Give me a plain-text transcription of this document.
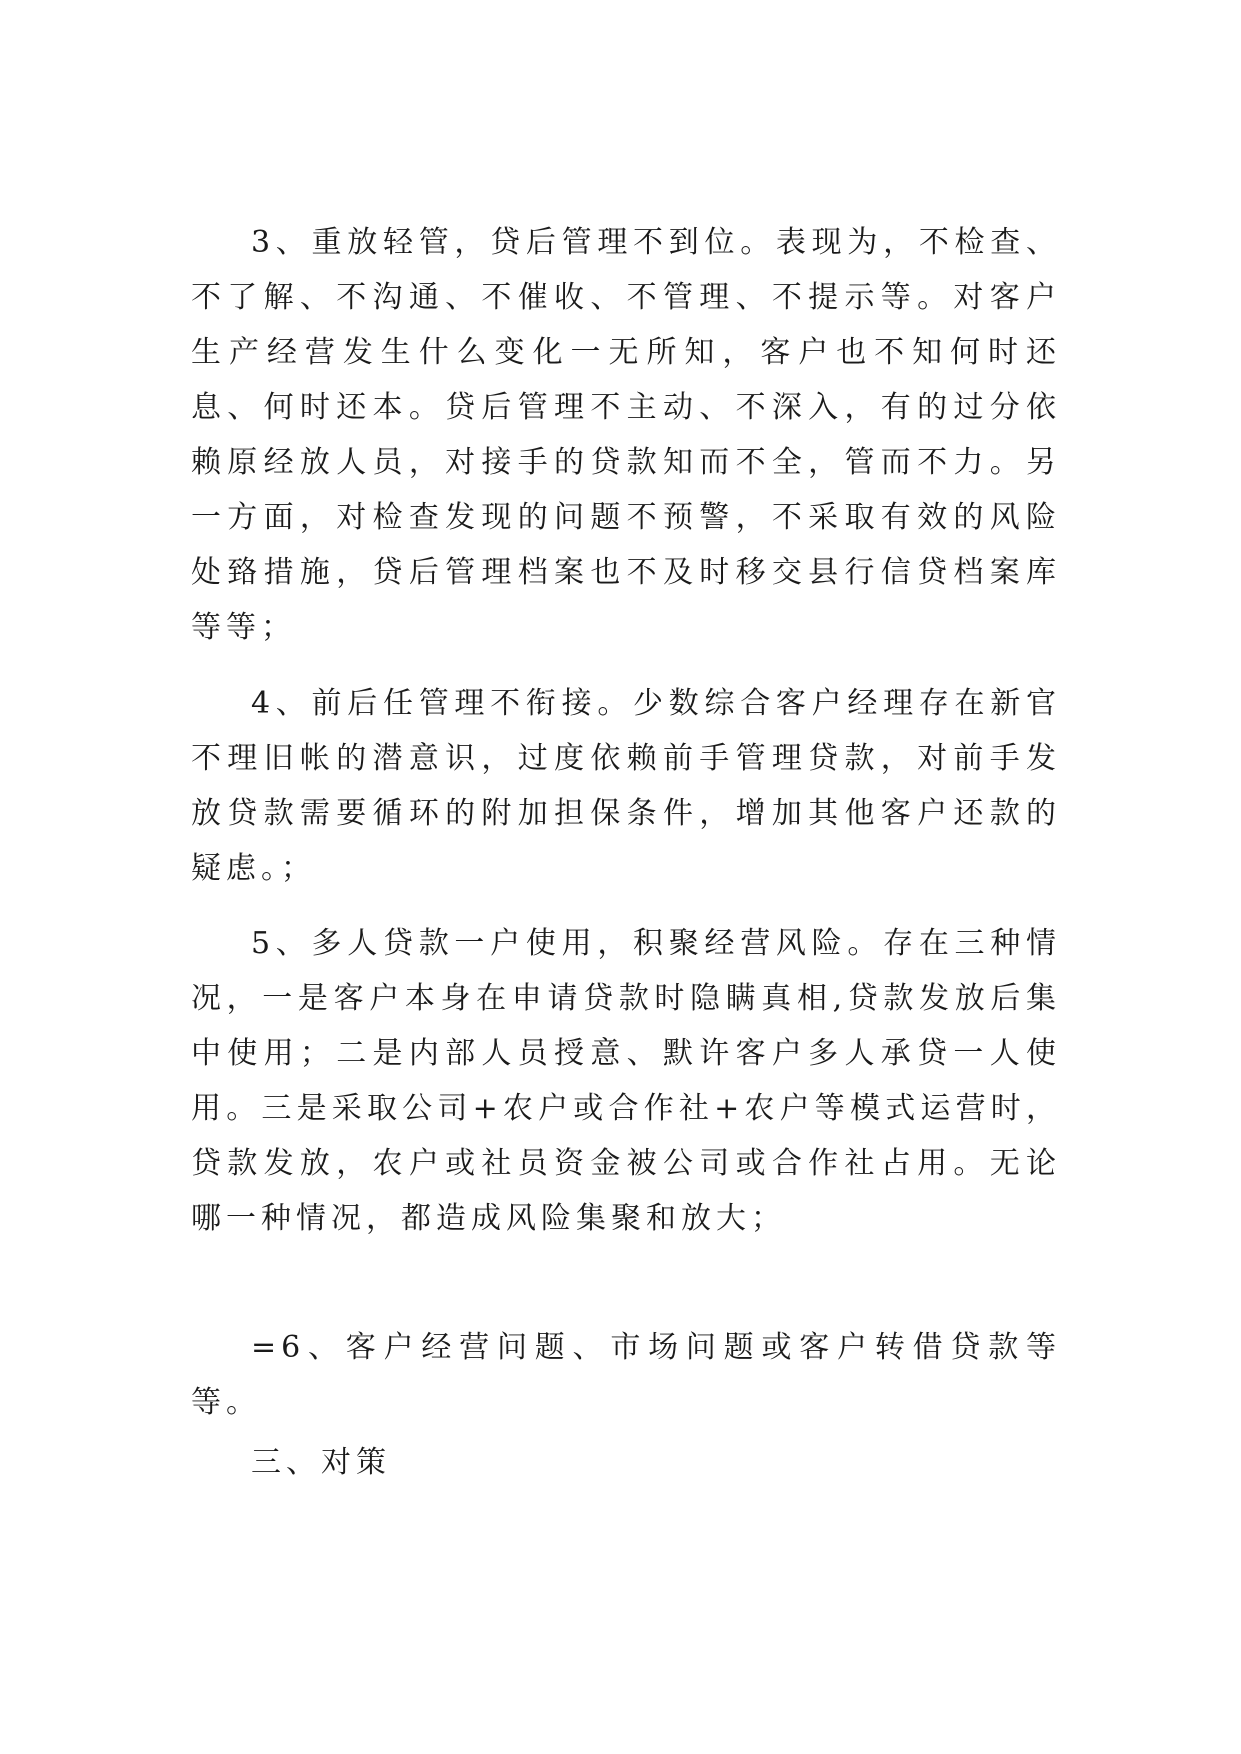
3、重放轻管，贷后管理不到位。表现为，不检查、不了解、不沟通、不催收、不管理、不提示等。对客户生产经营发生什么变化一无所知，客户也不知何时还息、何时还本。贷后管理不主动、不深入，有的过分依赖原经放人员，对接手的贷款知而不全，管而不力。另一方面，对检查发现的问题不预警，不采取有效的风险处臵措施，贷后管理档案也不及时移交县行信贷档案库等等；

4、前后任管理不衔接。少数综合客户经理存在新官不理旧帐的潜意识，过度依赖前手管理贷款，对前手发放贷款需要循环的附加担保条件，增加其他客户还款的疑虑。；

5、多人贷款一户使用，积聚经营风险。存在三种情况，一是客户本身在申请贷款时隐瞒真相,贷款发放后集中使用；二是内部人员授意、默许客户多人承贷一人使用。三是采取公司+农户或合作社+农户等模式运营时，贷款发放，农户或社员资金被公司或合作社占用。无论哪一种情况，都造成风险集聚和放大；

=6、客户经营问题、市场问题或客户转借贷款等等。

三、对策
